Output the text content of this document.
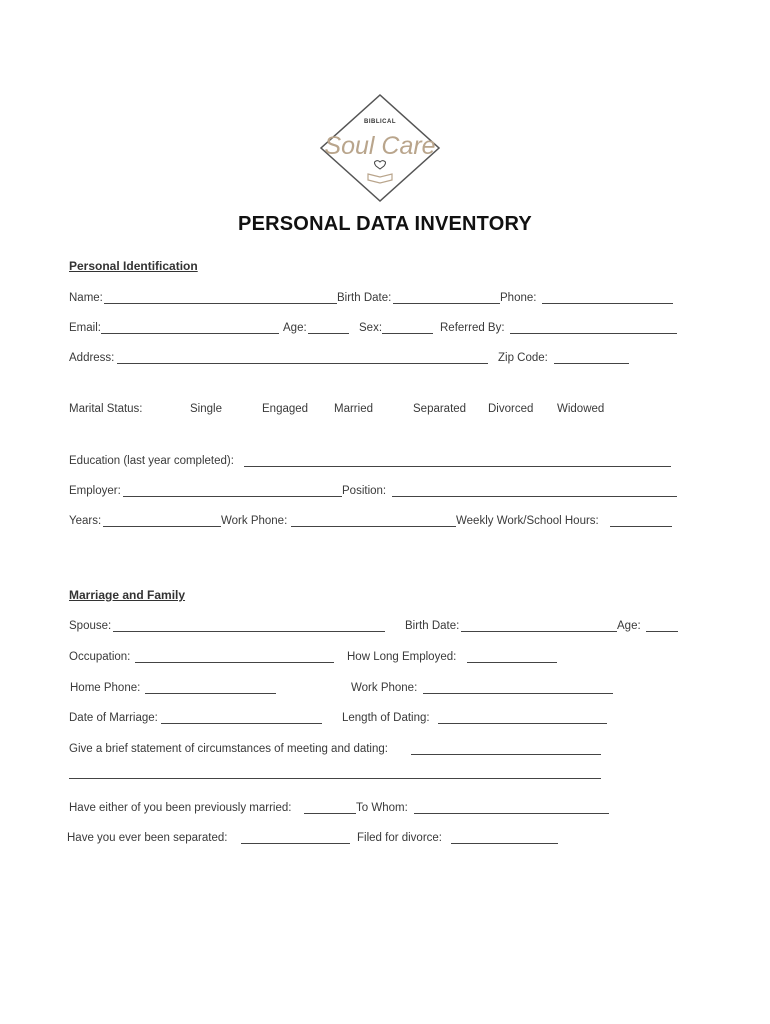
BIBLICAL
Soul Care
PERSONAL DATA INVENTORY
Personal Identification
Name:	Birth Date:	Phone:
Email:	Age:	Sex:	Referred By:
Address:	Zip Code:
Marital Status:	Single	Engaged Married	Separated Divorced Widowed
Education (last year completed):
Employer:	Position:
Years:	Work Phone:	Weekly Work/School Hours:
Marriage and Family
Spouse:	Birth Date:	Age:
Occupation:	How Long Employed:
Home Phone:	Work Phone:
Date of Marriage:	Length of Dating:
Give a brief statement of circumstances of meeting and dating:
Have either of you been previously married:	To Whom:
Have you ever been separated:	Filed for divorce:
